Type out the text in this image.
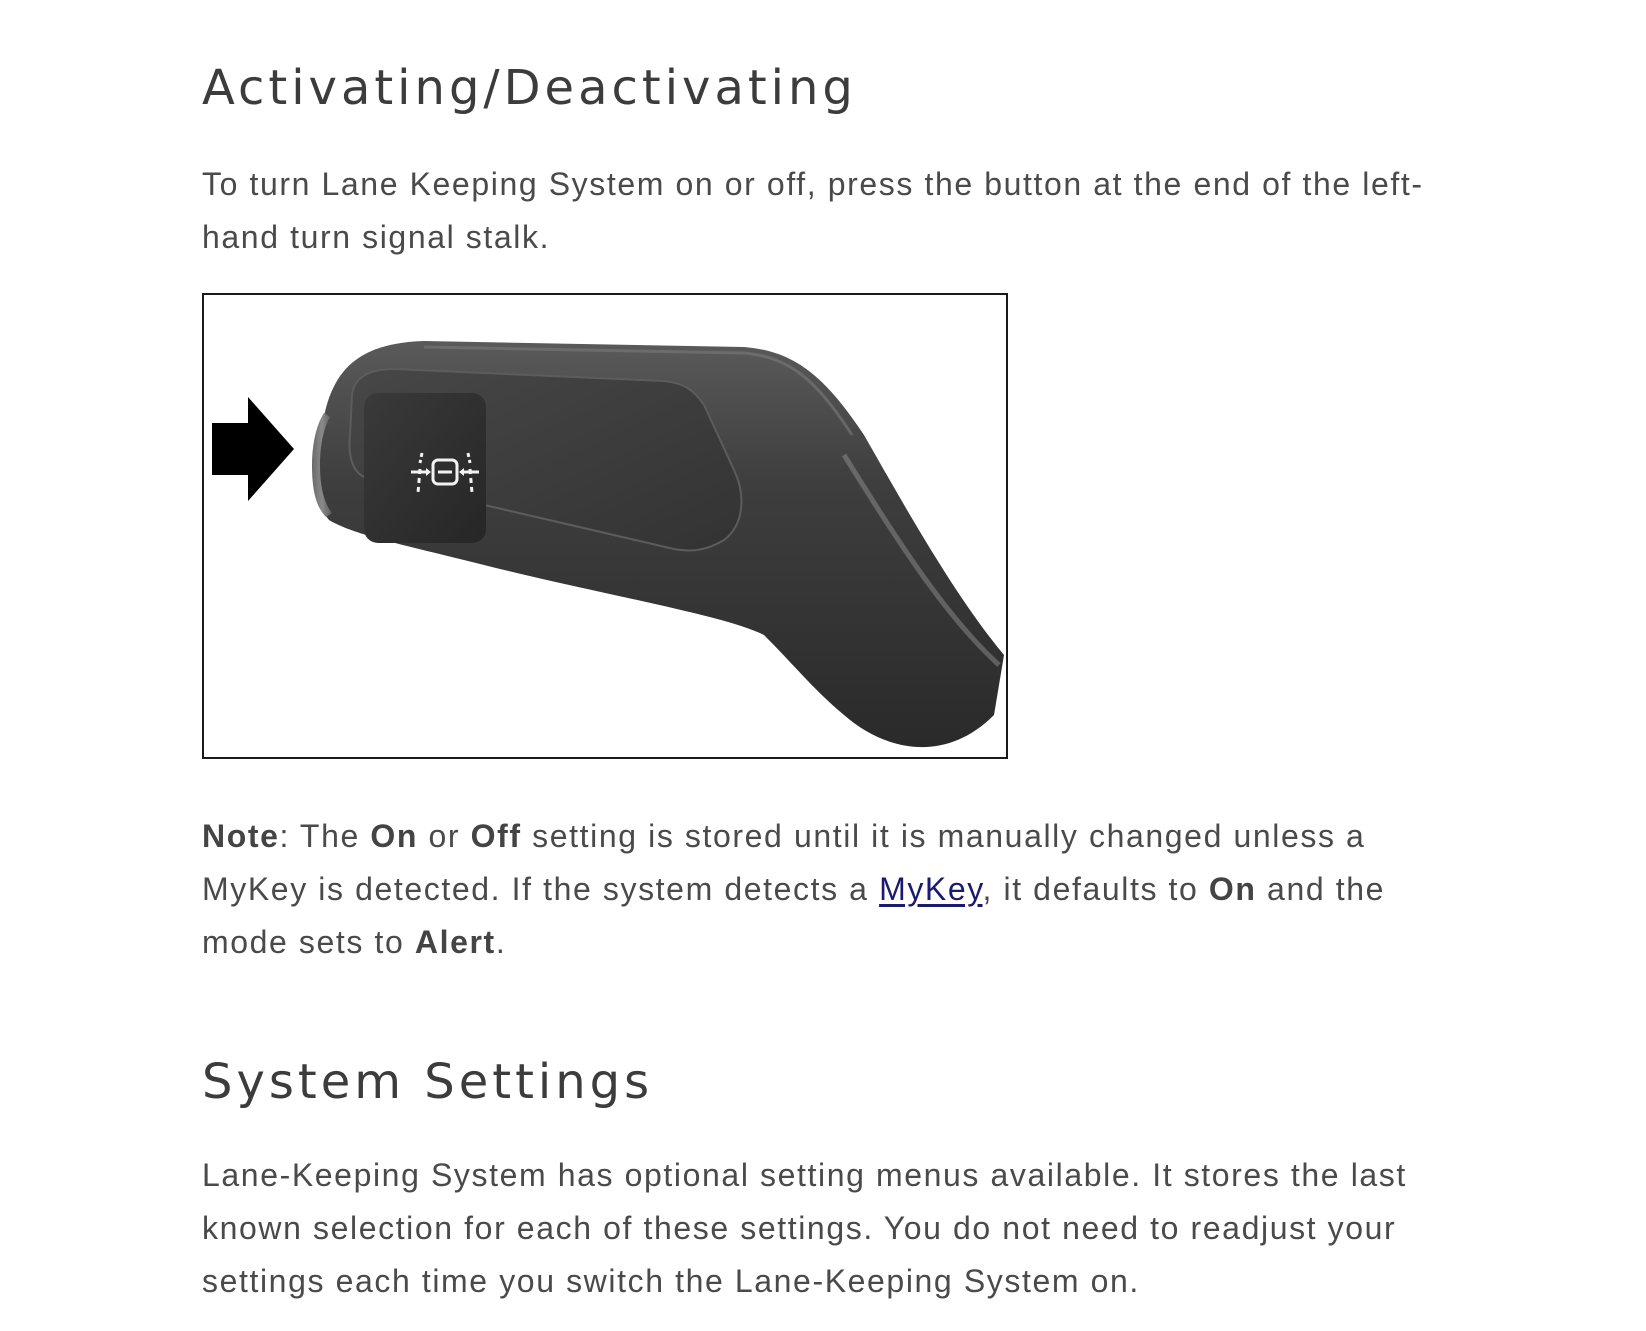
Activating/Deactivating

To turn Lane Keeping System on or off, press the button at the end of the left-
hand turn signal stalk.

Note: The On or Off setting is stored until it is manually changed unless a
MyKey is detected. If the system detects a MyKey, it defaults to On and the
mode sets to Alert.

System Settings

Lane-Keeping System has optional setting menus available. It stores the last
known selection for each of these settings. You do not need to readjust your
settings each time you switch the Lane-Keeping System on.
